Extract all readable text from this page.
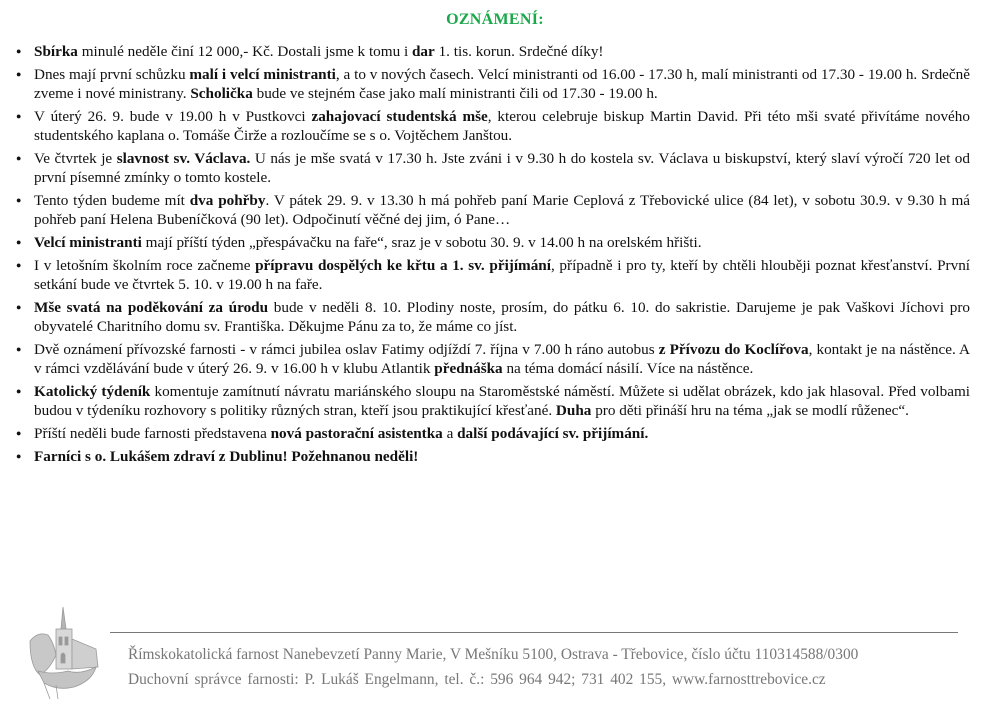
OZNÁMENÍ:
● Sbírka minulé neděle činí 12 000,- Kč. Dostali jsme k tomu i dar 1. tis. korun. Srdečné díky!
● Dnes mají první schůzku malí i velcí ministranti, a to v nových časech. Velcí ministranti od 16.00 - 17.30 h, malí ministranti od 17.30 - 19.00 h. Srdečně zveme i nové ministrany. Scholička bude ve stejném čase jako malí ministranti čili od 17.30 - 19.00 h.
● V úterý 26. 9. bude v 19.00 h v Pustkovci zahajovací studentská mše, kterou celebruje biskup Martin David. Při této mši svaté přivítáme nového studentského kaplana o. Tomáše Čirže a rozloučíme se s o. Vojtěchem Janštou.
● Ve čtvrtek je slavnost sv. Václava. U nás je mše svatá v 17.30 h. Jste zváni i v 9.30 h do kostela sv. Václava u biskupství, který slaví výročí 720 let od první písemné zmínky o tomto kostele.
● Tento týden budeme mít dva pohřby. V pátek 29. 9. v 13.30 h má pohřeb paní Marie Ceplová z Třebovické ulice (84 let), v sobotu 30.9. v 9.30 h má pohřeb paní Helena Bubeníčková (90 let). Odpočinutí věčné dej jim, ó Pane…
● Velcí ministranti mají příští týden „přespávačku na faře“, sraz je v sobotu 30. 9. v 14.00 h na orelském hřišti.
● I v letošním školním roce začneme přípravu dospělých ke křtu a 1. sv. přijímání, případně i pro ty, kteří by chtěli hlouběji poznat křesťanství. První setkání bude ve čtvrtek 5. 10. v 19.00 h na faře.
● Mše svatá na poděkování za úrodu bude v neděli 8. 10. Plodiny noste, prosím, do pátku 6. 10. do sakristie. Darujeme je pak Vaškovi Jíchovi pro obyvatelé Charitního domu sv. Františka. Děkujme Pánu za to, že máme co jíst.
● Dvě oznámení přívozské farnosti - v rámci jubilea oslav Fatimy odjíždí 7. října v 7.00 h ráno autobus z Přívozu do Koclířova, kontakt je na nástěnce. A v rámci vzdělávání bude v úterý 26. 9. v 16.00 h v klubu Atlantik přednáška na téma domácí násilí. Více na nástěnce.
● Katolický týdeník komentuje zamítnutí návratu mariánského sloupu na Staroměstské náměstí. Můžete si udělat obrázek, kdo jak hlasoval. Před volbami budou v týdeníku rozhovory s politiky různých stran, kteří jsou praktikující křesťané. Duha pro děti přináší hru na téma „jak se modlí růženec“.
● Příští neděli bude farnosti představena nová pastorační asistentka a další podávající sv. přijímání.
● Farníci s o. Lukášem zdraví z Dublinu! Požehnanou neděli!
Římskokatolická farnost Nanebevzetí Panny Marie, V Mešníku 5100, Ostrava - Třebovice, číslo účtu 110314588/0300
Duchovní správce farnosti: P. Lukáš Engelmann, tel. č.: 596 964 942; 731 402 155, www.farnosttrebovice.cz
